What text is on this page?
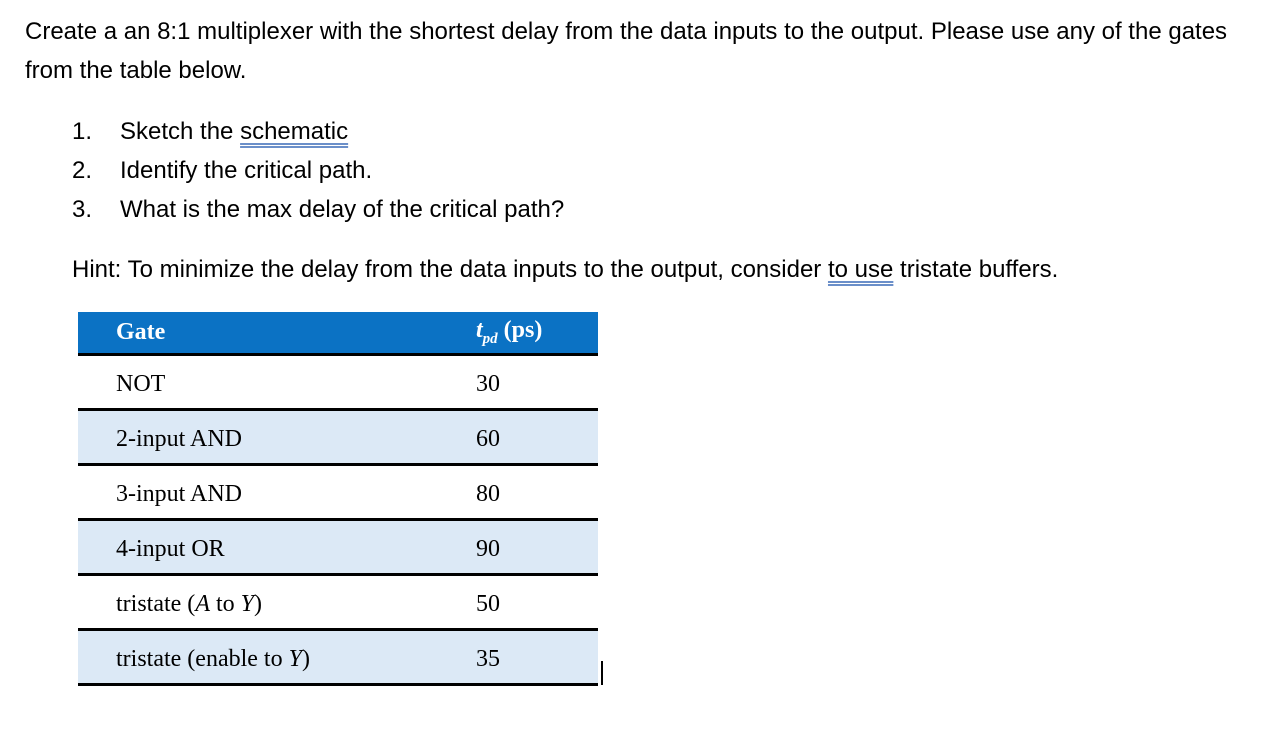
Create a an 8:1 multiplexer with the shortest delay from the data inputs to the output. Please use any of the gates from the table below.

1. Sketch the schematic
2. Identify the critical path.
3. What is the max delay of the critical path?

Hint: To minimize the delay from the data inputs to the output, consider to use tristate buffers.

Gate	$t_{pd}$ (ps)
NOT	30
2-input AND	60
3-input AND	80
4-input OR	90
tristate (A to Y)	50
tristate (enable to Y)	35
